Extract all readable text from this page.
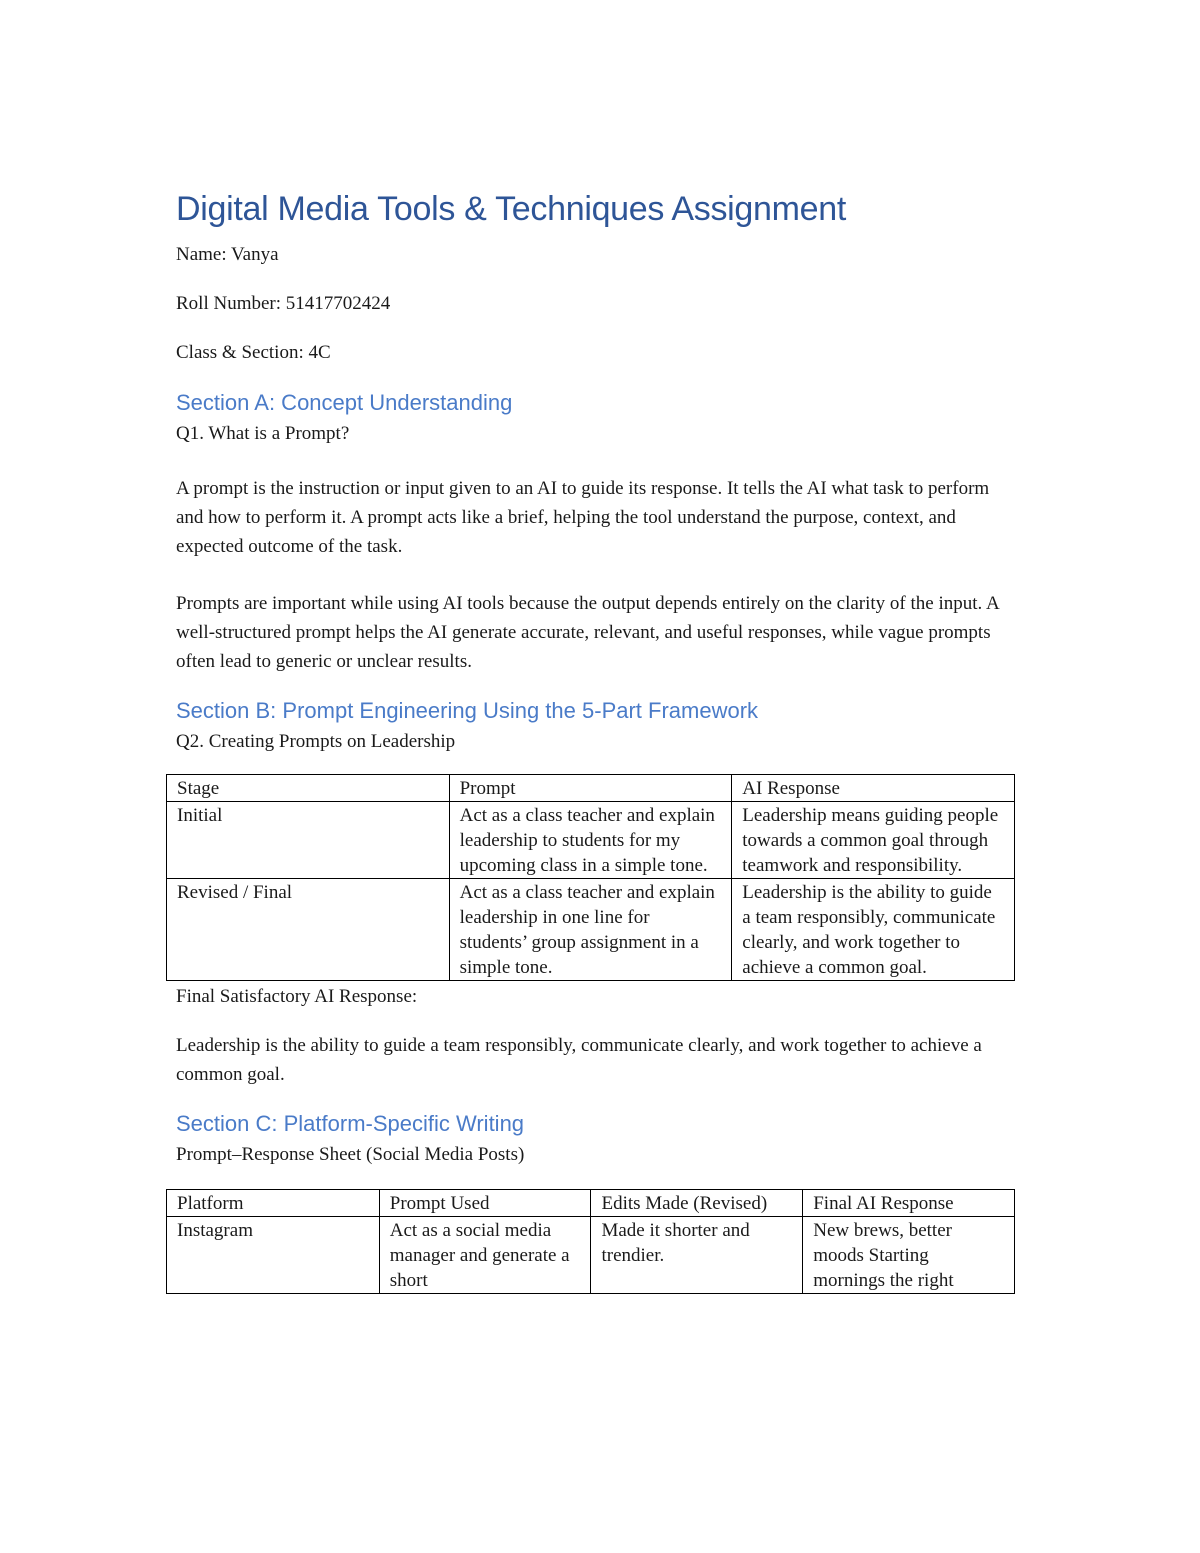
Digital Media Tools & Techniques Assignment

Name: Vanya

Roll Number: 51417702424

Class & Section: 4C

Section A: Concept Understanding

Q1. What is a Prompt?

A prompt is the instruction or input given to an AI to guide its response. It tells the AI what task to perform and how to perform it. A prompt acts like a brief, helping the tool understand the purpose, context, and expected outcome of the task.

Prompts are important while using AI tools because the output depends entirely on the clarity of the input. A well-structured prompt helps the AI generate accurate, relevant, and useful responses, while vague prompts often lead to generic or unclear results.

Section B: Prompt Engineering Using the 5-Part Framework

Q2. Creating Prompts on Leadership

Stage	Prompt	AI Response
Initial	Act as a class teacher and explain leadership to students for my upcoming class in a simple tone.	Leadership means guiding people towards a common goal through teamwork and responsibility.
Revised / Final	Act as a class teacher and explain leadership in one line for students’ group assignment in a simple tone.	Leadership is the ability to guide a team responsibly, communicate clearly, and work together to achieve a common goal.

Final Satisfactory AI Response:

Leadership is the ability to guide a team responsibly, communicate clearly, and work together to achieve a common goal.

Section C: Platform-Specific Writing

Prompt–Response Sheet (Social Media Posts)

Platform	Prompt Used	Edits Made (Revised)	Final AI Response
Instagram	Act as a social media manager and generate a short	Made it shorter and trendier.	New brews, better moods Starting mornings the right
